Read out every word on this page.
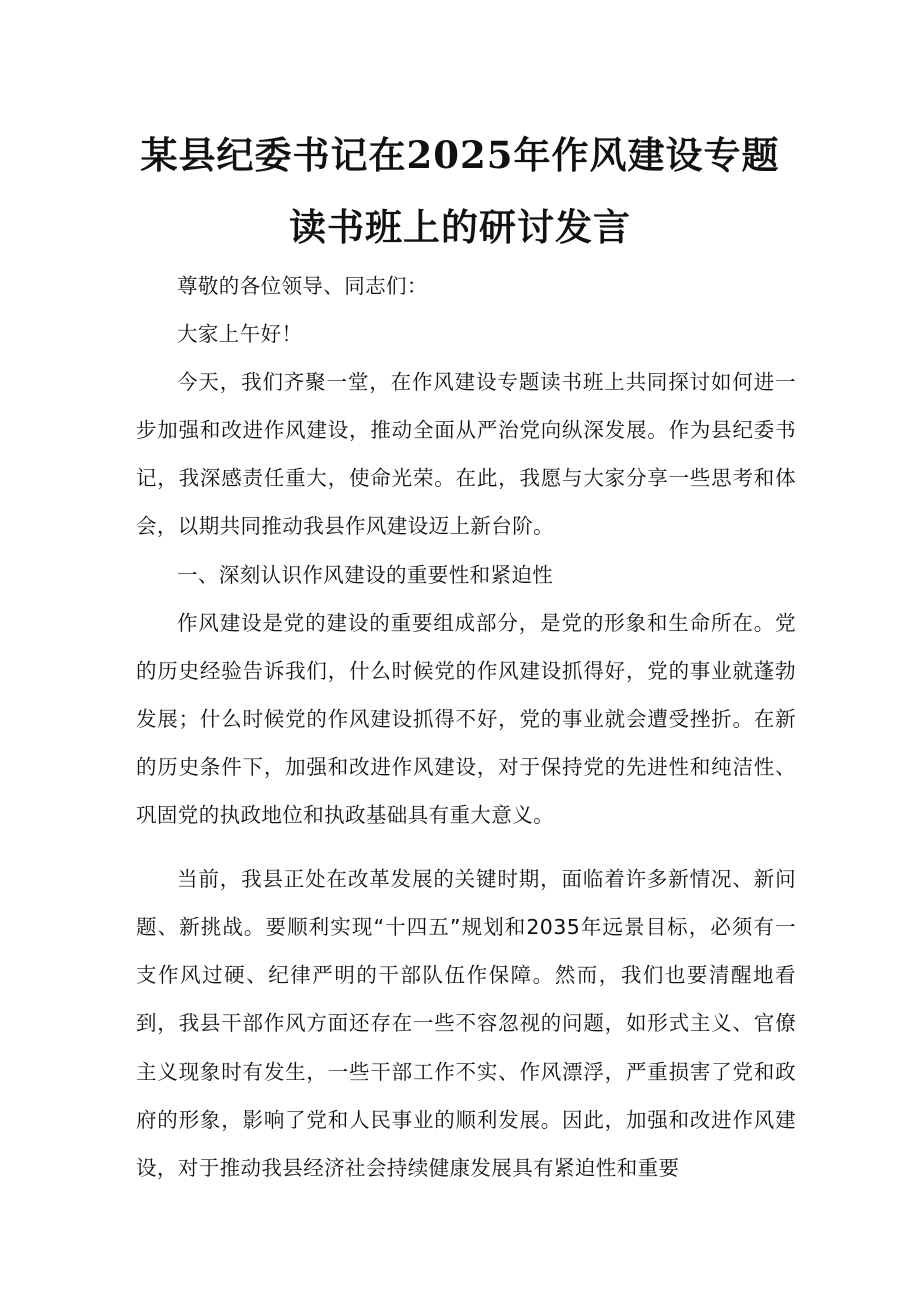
某县纪委书记在2025年作风建设专题
读书班上的研讨发言

尊敬的各位领导、同志们：

大家上午好！

今天，我们齐聚一堂，在作风建设专题读书班上共同探讨如何进一步加强和改进作风建设，推动全面从严治党向纵深发展。作为县纪委书记，我深感责任重大，使命光荣。在此，我愿与大家分享一些思考和体会，以期共同推动我县作风建设迈上新台阶。

一、深刻认识作风建设的重要性和紧迫性

作风建设是党的建设的重要组成部分，是党的形象和生命所在。党的历史经验告诉我们，什么时候党的作风建设抓得好，党的事业就蓬勃发展；什么时候党的作风建设抓得不好，党的事业就会遭受挫折。在新的历史条件下，加强和改进作风建设，对于保持党的先进性和纯洁性、巩固党的执政地位和执政基础具有重大意义。

当前，我县正处在改革发展的关键时期，面临着许多新情况、新问题、新挑战。要顺利实现“十四五”规划和2035年远景目标，必须有一支作风过硬、纪律严明的干部队伍作保障。然而，我们也要清醒地看到，我县干部作风方面还存在一些不容忽视的问题，如形式主义、官僚主义现象时有发生，一些干部工作不实、作风漂浮，严重损害了党和政府的形象，影响了党和人民事业的顺利发展。因此，加强和改进作风建设，对于推动我县经济社会持续健康发展具有紧迫性和重要
